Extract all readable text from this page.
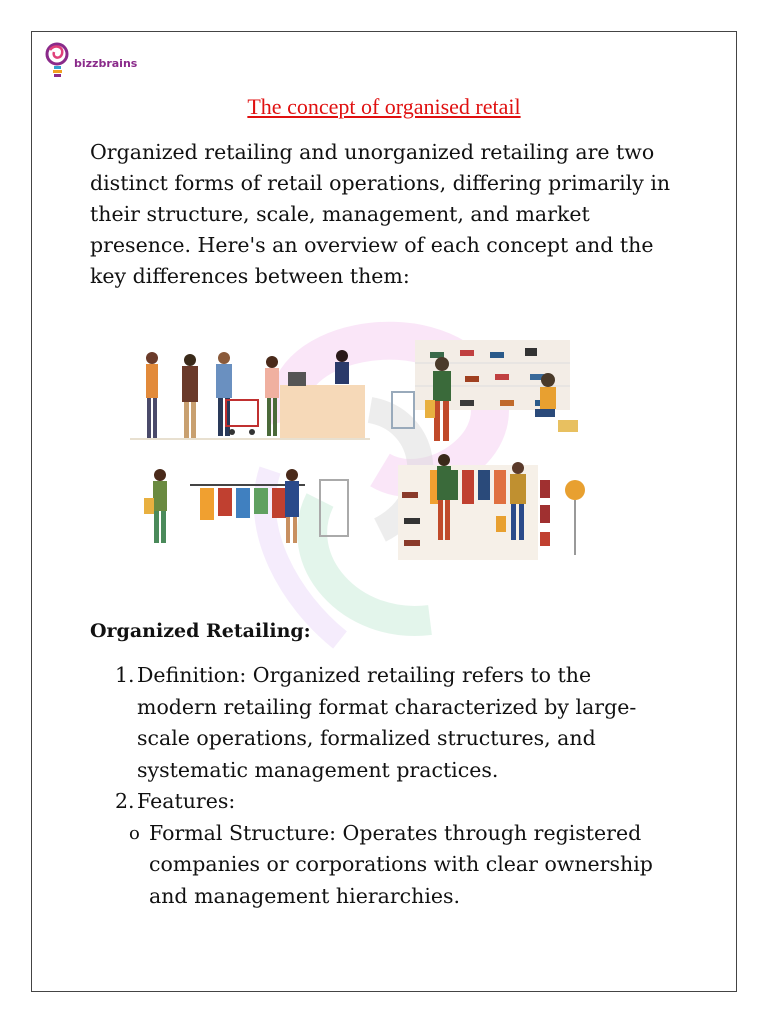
bizzbrains
The concept of organised retail

Organized retailing and unorganized retailing are two distinct forms of retail operations, differing primarily in their structure, scale, management, and market presence. Here's an overview of each concept and the key differences between them:

Organized Retailing:
1. Definition: Organized retailing refers to the modern retailing format characterized by large-scale operations, formalized structures, and systematic management practices.
2. Features:
o Formal Structure: Operates through registered companies or corporations with clear ownership and management hierarchies.
